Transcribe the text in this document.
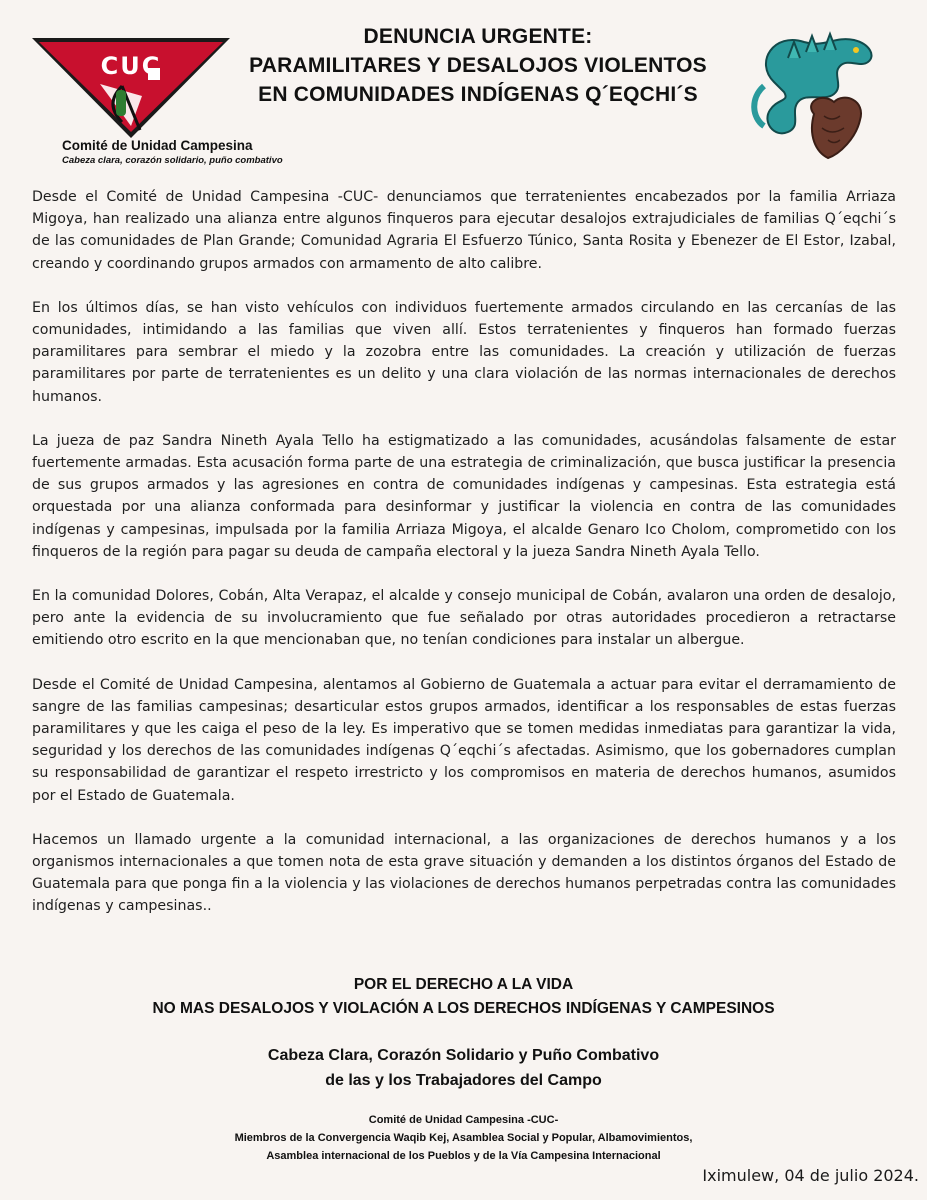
CUC
Comité de Unidad Campesina
Cabeza clara, corazón solidario, puño combativo
DENUNCIA URGENTE:
PARAMILITARES Y DESALOJOS VIOLENTOS
EN COMUNIDADES INDÍGENAS Q´EQCHI´S

Desde el Comité de Unidad Campesina -CUC- denunciamos que terratenientes encabezados por la familia Arriaza Migoya, han realizado una alianza entre algunos finqueros para ejecutar desalojos extrajudiciales de familias Q´eqchi´s de las comunidades de Plan Grande; Comunidad Agraria El Esfuerzo Túnico, Santa Rosita y Ebenezer de El Estor, Izabal, creando y coordinando grupos armados con armamento de alto calibre.

En los últimos días, se han visto vehículos con individuos fuertemente armados circulando en las cercanías de las comunidades, intimidando a las familias que viven allí. Estos terratenientes y finqueros han formado fuerzas paramilitares para sembrar el miedo y la zozobra entre las comunidades. La creación y utilización de fuerzas paramilitares por parte de terratenientes es un delito y una clara violación de las normas internacionales de derechos humanos.

La jueza de paz Sandra Nineth Ayala Tello ha estigmatizado a las comunidades, acusándolas falsamente de estar fuertemente armadas. Esta acusación forma parte de una estrategia de criminalización, que busca justificar la presencia de sus grupos armados y las agresiones en contra de comunidades indígenas y campesinas. Esta estrategia está orquestada por una alianza conformada para desinformar y justificar la violencia en contra de las comunidades indígenas y campesinas, impulsada por la familia Arriaza Migoya, el alcalde Genaro Ico Cholom, comprometido con los finqueros de la región para pagar su deuda de campaña electoral y la jueza Sandra Nineth Ayala Tello.

En la comunidad Dolores, Cobán, Alta Verapaz, el alcalde y consejo municipal de Cobán, avalaron una orden de desalojo, pero ante la evidencia de su involucramiento que fue señalado por otras autoridades procedieron a retractarse emitiendo otro escrito en la que mencionaban que, no tenían condiciones para instalar un albergue.

Desde el Comité de Unidad Campesina, alentamos al Gobierno de Guatemala a actuar para evitar el derramamiento de sangre de las familias campesinas; desarticular estos grupos armados, identificar a los responsables de estas fuerzas paramilitares y que les caiga el peso de la ley. Es imperativo que se tomen medidas inmediatas para garantizar la vida, seguridad y los derechos de las comunidades indígenas Q´eqchi´s afectadas. Asimismo, que los gobernadores cumplan su responsabilidad de garantizar el respeto irrestricto y los compromisos en materia de derechos humanos, asumidos por el Estado de Guatemala.

Hacemos un llamado urgente a la comunidad internacional, a las organizaciones de derechos humanos y a los organismos internacionales a que tomen nota de esta grave situación y demanden a los distintos órganos del Estado de Guatemala para que ponga fin a la violencia y las violaciones de derechos humanos perpetradas contra las comunidades indígenas y campesinas..

POR EL DERECHO A LA VIDA
NO MAS DESALOJOS Y VIOLACIÓN A LOS DERECHOS INDÍGENAS Y CAMPESINOS
Cabeza Clara, Corazón Solidario y Puño Combativo
de las y los Trabajadores del Campo
Comité de Unidad Campesina -CUC-
Miembros de la Convergencia Waqib Kej, Asamblea Social y Popular, Albamovimientos,
Asamblea internacional de los Pueblos y de la Vía Campesina Internacional
Iximulew, 04 de julio 2024.
